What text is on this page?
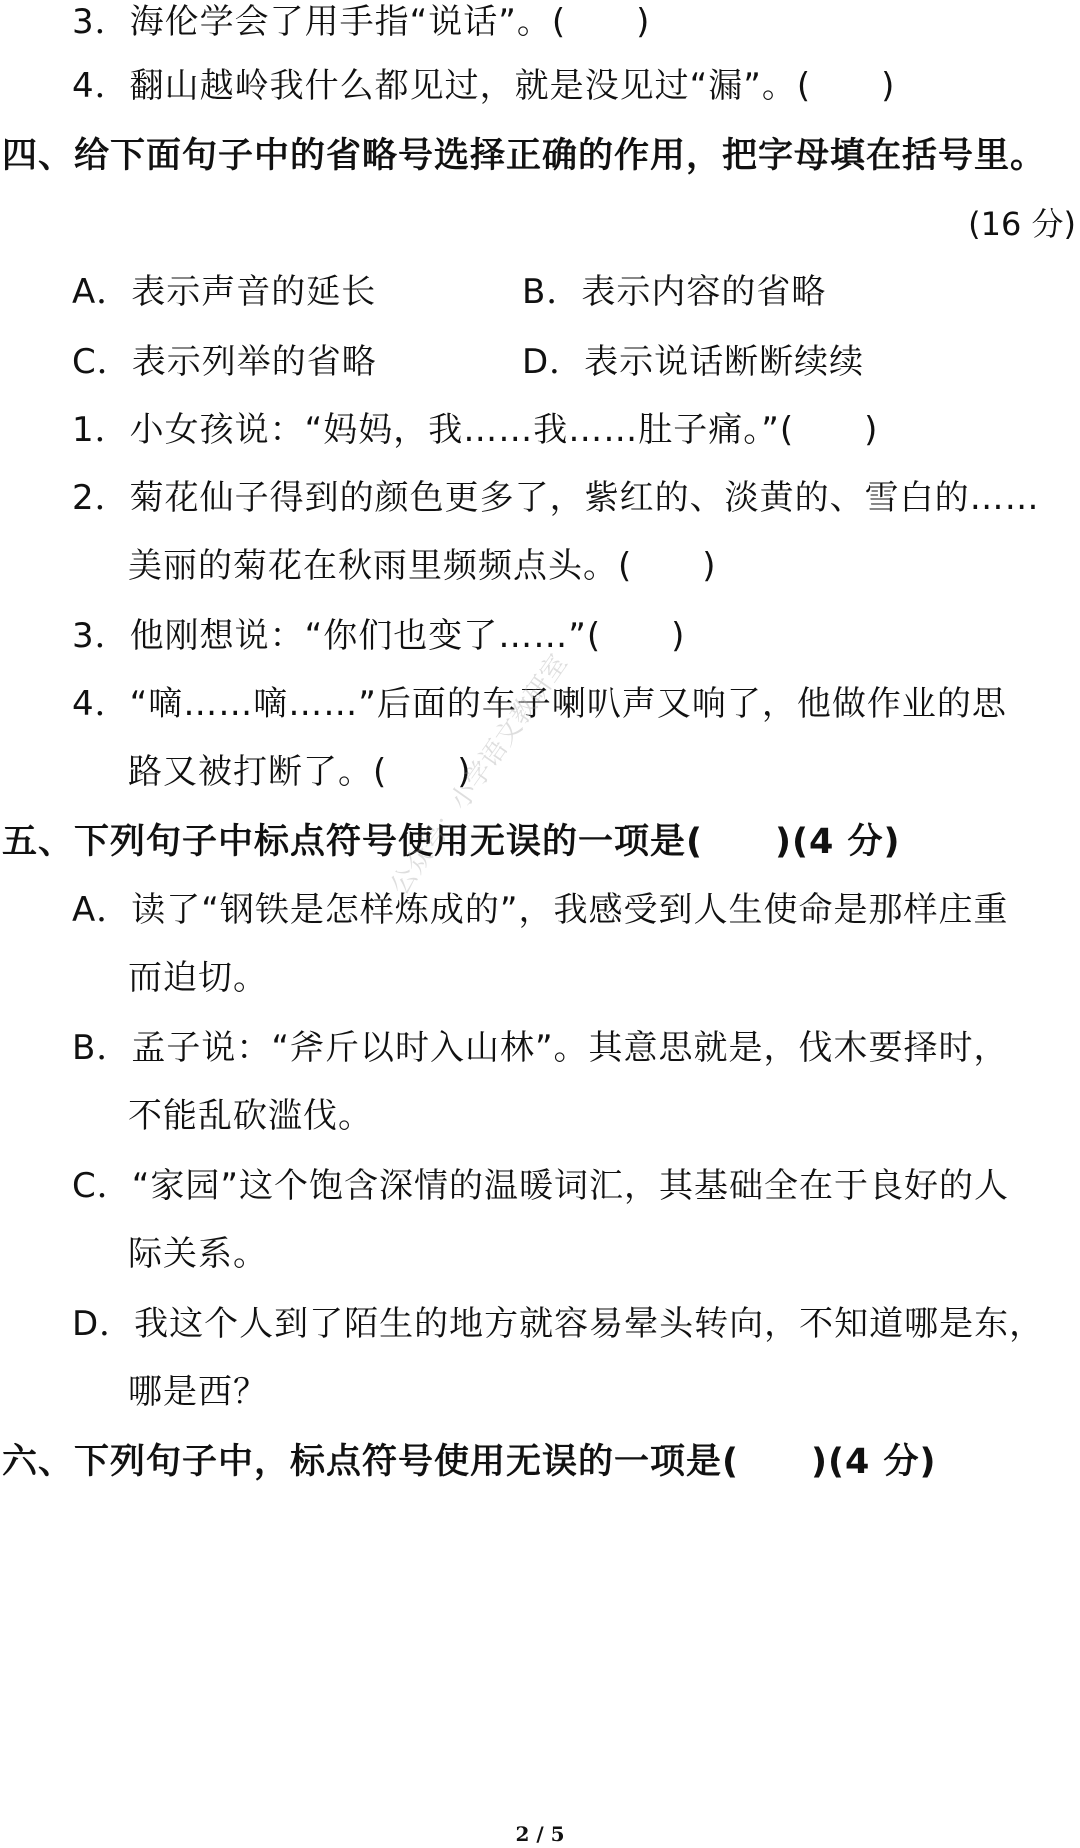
3．海伦学会了用手指“说话”。(　　)
4．翻山越岭我什么都见过，就是没见过“漏”。(　　)
四、给下面句子中的省略号选择正确的作用，把字母填在括号里。
(16 分)
A．表示声音的延长	B．表示内容的省略
C．表示列举的省略	D．表示说话断断续续
1．小女孩说：“妈妈，我……我……肚子痛。”(　　)
2．菊花仙子得到的颜色更多了，紫红的、淡黄的、雪白的……
美丽的菊花在秋雨里频频点头。(　　)
3．他刚想说：“你们也变了……”(　　)
4．“嘀……嘀……”后面的车子喇叭声又响了，他做作业的思
路又被打断了。(　　)
五、下列句子中标点符号使用无误的一项是(　　)(4 分)
A．读了“钢铁是怎样炼成的”，我感受到人生使命是那样庄重
而迫切。
B．孟子说：“斧斤以时入山林”。其意思就是，伐木要择时，
不能乱砍滥伐。
C．“家园”这个饱含深情的温暖词汇，其基础全在于良好的人
际关系。
D．我这个人到了陌生的地方就容易晕头转向，不知道哪是东，
哪是西？
六、下列句子中，标点符号使用无误的一项是(　　)(4 分)
公众号：小学语文教研室
2 / 5
